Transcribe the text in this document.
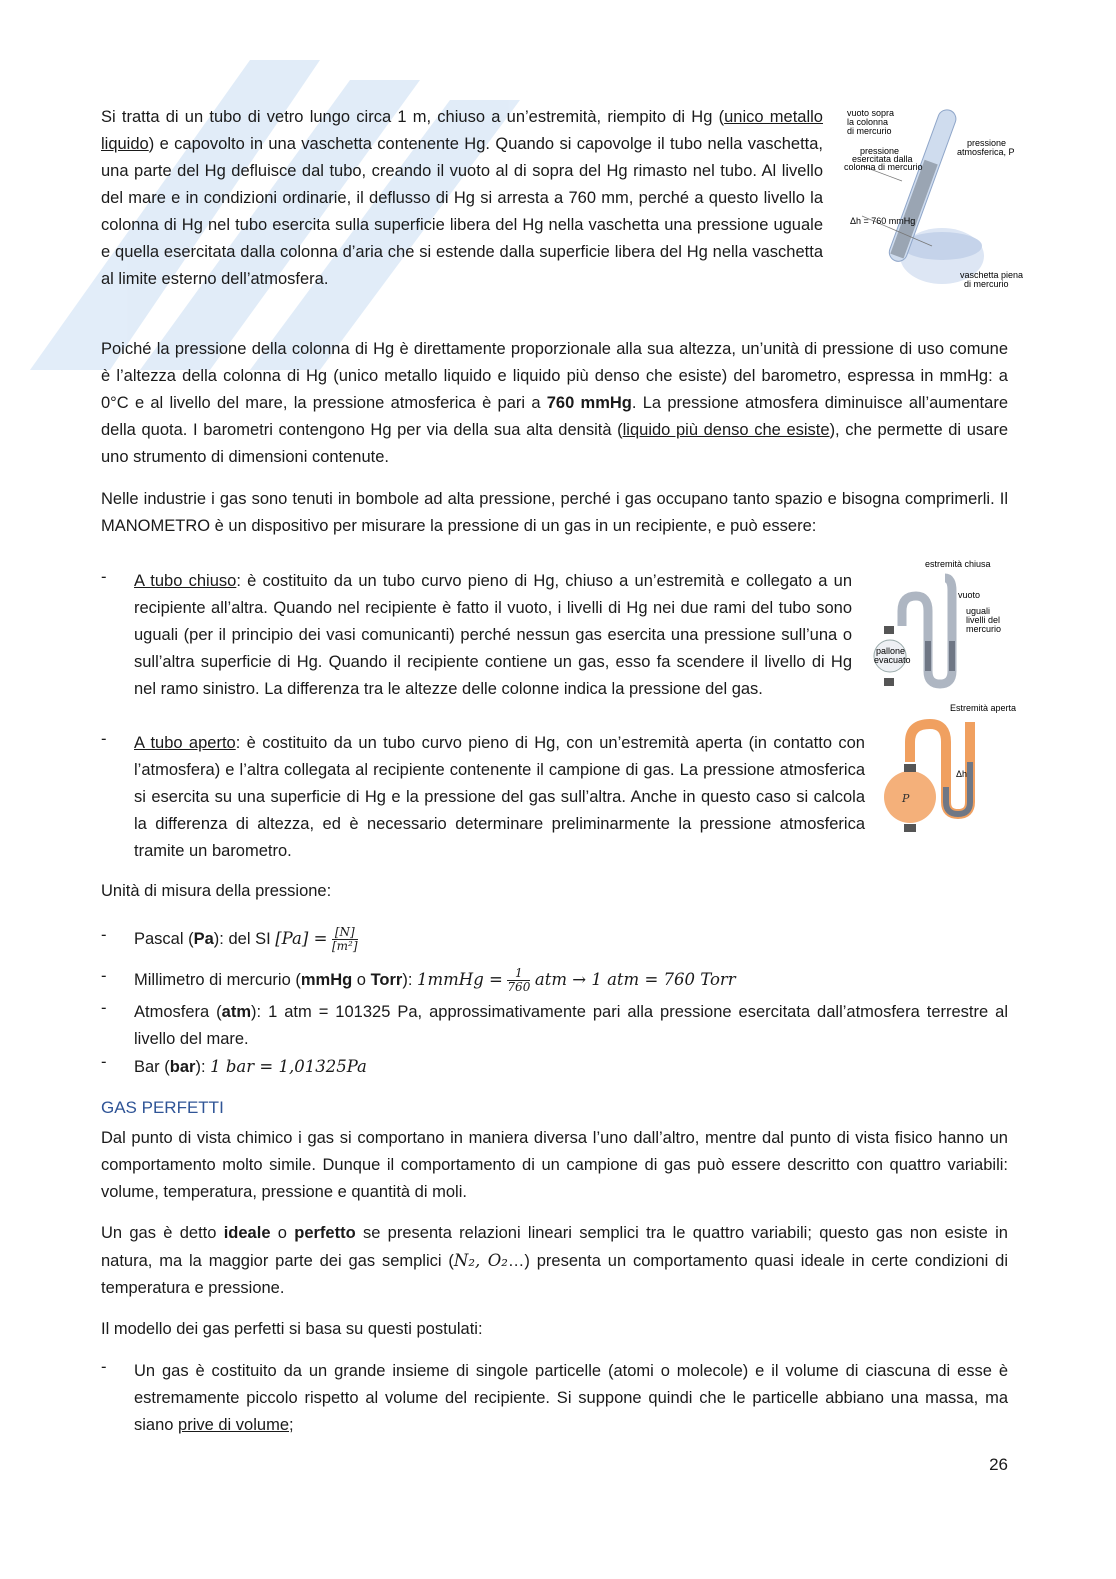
Si tratta di un tubo di vetro lungo circa 1 m, chiuso a un’estremità, riempito di Hg (unico metallo liquido) e capovolto in una vaschetta contenente Hg. Quando si capovolge il tubo nella vaschetta, una parte del Hg defluisce dal tubo, creando il vuoto al di sopra del Hg rimasto nel tubo. Al livello del mare e in condizioni ordinarie, il deflusso di Hg si arresta a 760 mm, perché a questo livello la colonna di Hg nel tubo esercita sulla superficie libera del Hg nella vaschetta una pressione uguale e quella esercitata dalla colonna d’aria che si estende dalla superficie libera del Hg nella vaschetta al limite esterno dell’atmosfera.

vuoto sopra
la colonna
di mercurio
pressione
esercitata dalla
colonna di mercurio
pressione
atmosferica, P
Δh = 760 mmHg
vaschetta piena
di mercurio

Poiché la pressione della colonna di Hg è direttamente proporzionale alla sua altezza, un’unità di pressione di uso comune è l’altezza della colonna di Hg (unico metallo liquido e liquido più denso che esiste) del barometro, espressa in mmHg: a 0°C e al livello del mare, la pressione atmosferica è pari a 760 mmHg. La pressione atmosfera diminuisce all’aumentare della quota. I barometri contengono Hg per via della sua alta densità (liquido più denso che esiste), che permette di usare uno strumento di dimensioni contenute.

Nelle industrie i gas sono tenuti in bombole ad alta pressione, perché i gas occupano tanto spazio e bisogna comprimerli. Il MANOMETRO è un dispositivo per misurare la pressione di un gas in un recipiente, e può essere:

- A tubo chiuso: è costituito da un tubo curvo pieno di Hg, chiuso a un’estremità e collegato a un recipiente all’altra. Quando nel recipiente è fatto il vuoto, i livelli di Hg nei due rami del tubo sono uguali (per il principio dei vasi comunicanti) perché nessun gas esercita una pressione sull’una o sull’altra superficie di Hg. Quando il recipiente contiene un gas, esso fa scendere il livello di Hg nel ramo sinistro. La differenza tra le altezze delle colonne indica la pressione del gas.
- A tubo aperto: è costituito da un tubo curvo pieno di Hg, con un’estremità aperta (in contatto con l’atmosfera) e l’altra collegata al recipiente contenente il campione di gas. La pressione atmosferica si esercita su una superficie di Hg e la pressione del gas sull’altra. Anche in questo caso si calcola la differenza di altezza, ed è necessario determinare preliminarmente la pressione atmosferica tramite un barometro.
estremità chiusa
vuoto
uguali
livelli del
mercurio
pallone
evacuato
Estremità aperta
P
Δh

Unità di misura della pressione:

- Pascal (Pa): del SI $[Pa] = \frac{[N]}{\text{[m²]}}$
- Millimetro di mercurio (mmHg o Torr): 1mmHg = $\frac{1}{760}$ atm → 1 atm = 760 Torr
- Atmosfera (atm): 1 atm = 101325 Pa, approssimativamente pari alla pressione esercitata dall’atmosfera terrestre al livello del mare.
- Bar (bar): 1 bar = 1,01325Pa
GAS PERFETTI

Dal punto di vista chimico i gas si comportano in maniera diversa l’uno dall’altro, mentre dal punto di vista fisico hanno un comportamento molto simile. Dunque il comportamento di un campione di gas può essere descritto con quattro variabili: volume, temperatura, pressione e quantità di moli.

Un gas è detto ideale o perfetto se presenta relazioni lineari semplici tra le quattro variabili; questo gas non esiste in natura, ma la maggior parte dei gas semplici (N₂, O₂…) presenta un comportamento quasi ideale in certe condizioni di temperatura e pressione.

Il modello dei gas perfetti si basa su questi postulati:

- Un gas è costituito da un grande insieme di singole particelle (atomi o molecole) e il volume di ciascuna di esse è estremamente piccolo rispetto al volume del recipiente. Si suppone quindi che le particelle abbiano una massa, ma siano prive di volume;
26
